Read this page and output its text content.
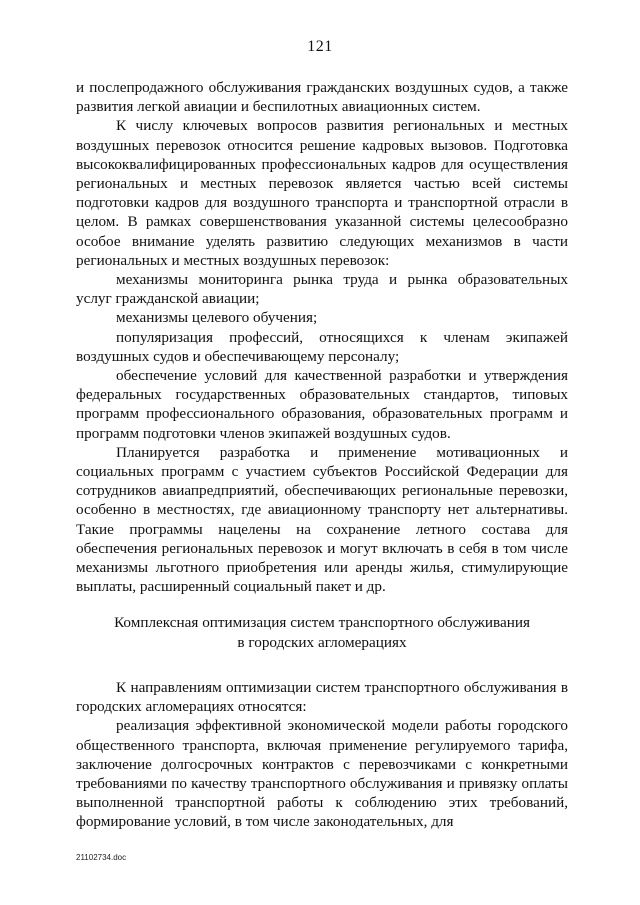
121

и послепродажного обслуживания гражданских воздушных судов, а также развития легкой авиации и беспилотных авиационных систем.

К числу ключевых вопросов развития региональных и местных воздушных перевозок относится решение кадровых вызовов. Подготовка высококвалифицированных профессиональных кадров для осуществления региональных и местных перевозок является частью всей системы подготовки кадров для воздушного транспорта и транспортной отрасли в целом. В рамках совершенствования указанной системы целесообразно особое внимание уделять развитию следующих механизмов в части региональных и местных воздушных перевозок:

механизмы мониторинга рынка труда и рынка образовательных услуг гражданской авиации;

механизмы целевого обучения;

популяризация профессий, относящихся к членам экипажей воздушных судов и обеспечивающему персоналу;

обеспечение условий для качественной разработки и утверждения федеральных государственных образовательных стандартов, типовых программ профессионального образования, образовательных программ и программ подготовки членов экипажей воздушных судов.

Планируется разработка и применение мотивационных и социальных программ с участием субъектов Российской Федерации для сотрудников авиапредприятий, обеспечивающих региональные перевозки, особенно в местностях, где авиационному транспорту нет альтернативы. Такие программы нацелены на сохранение летного состава для обеспечения региональных перевозок и могут включать в себя в том числе механизмы льготного приобретения или аренды жилья, стимулирующие выплаты, расширенный социальный пакет и др.

Комплексная оптимизация систем транспортного обслуживания

в городских агломерациях

К направлениям оптимизации систем транспортного обслуживания в городских агломерациях относятся:

реализация эффективной экономической модели работы городского общественного транспорта, включая применение регулируемого тарифа, заключение долгосрочных контрактов с перевозчиками с конкретными требованиями по качеству транспортного обслуживания и привязку оплаты выполненной транспортной работы к соблюдению этих требований, формирование условий, в том числе законодательных, для

21102734.doc
